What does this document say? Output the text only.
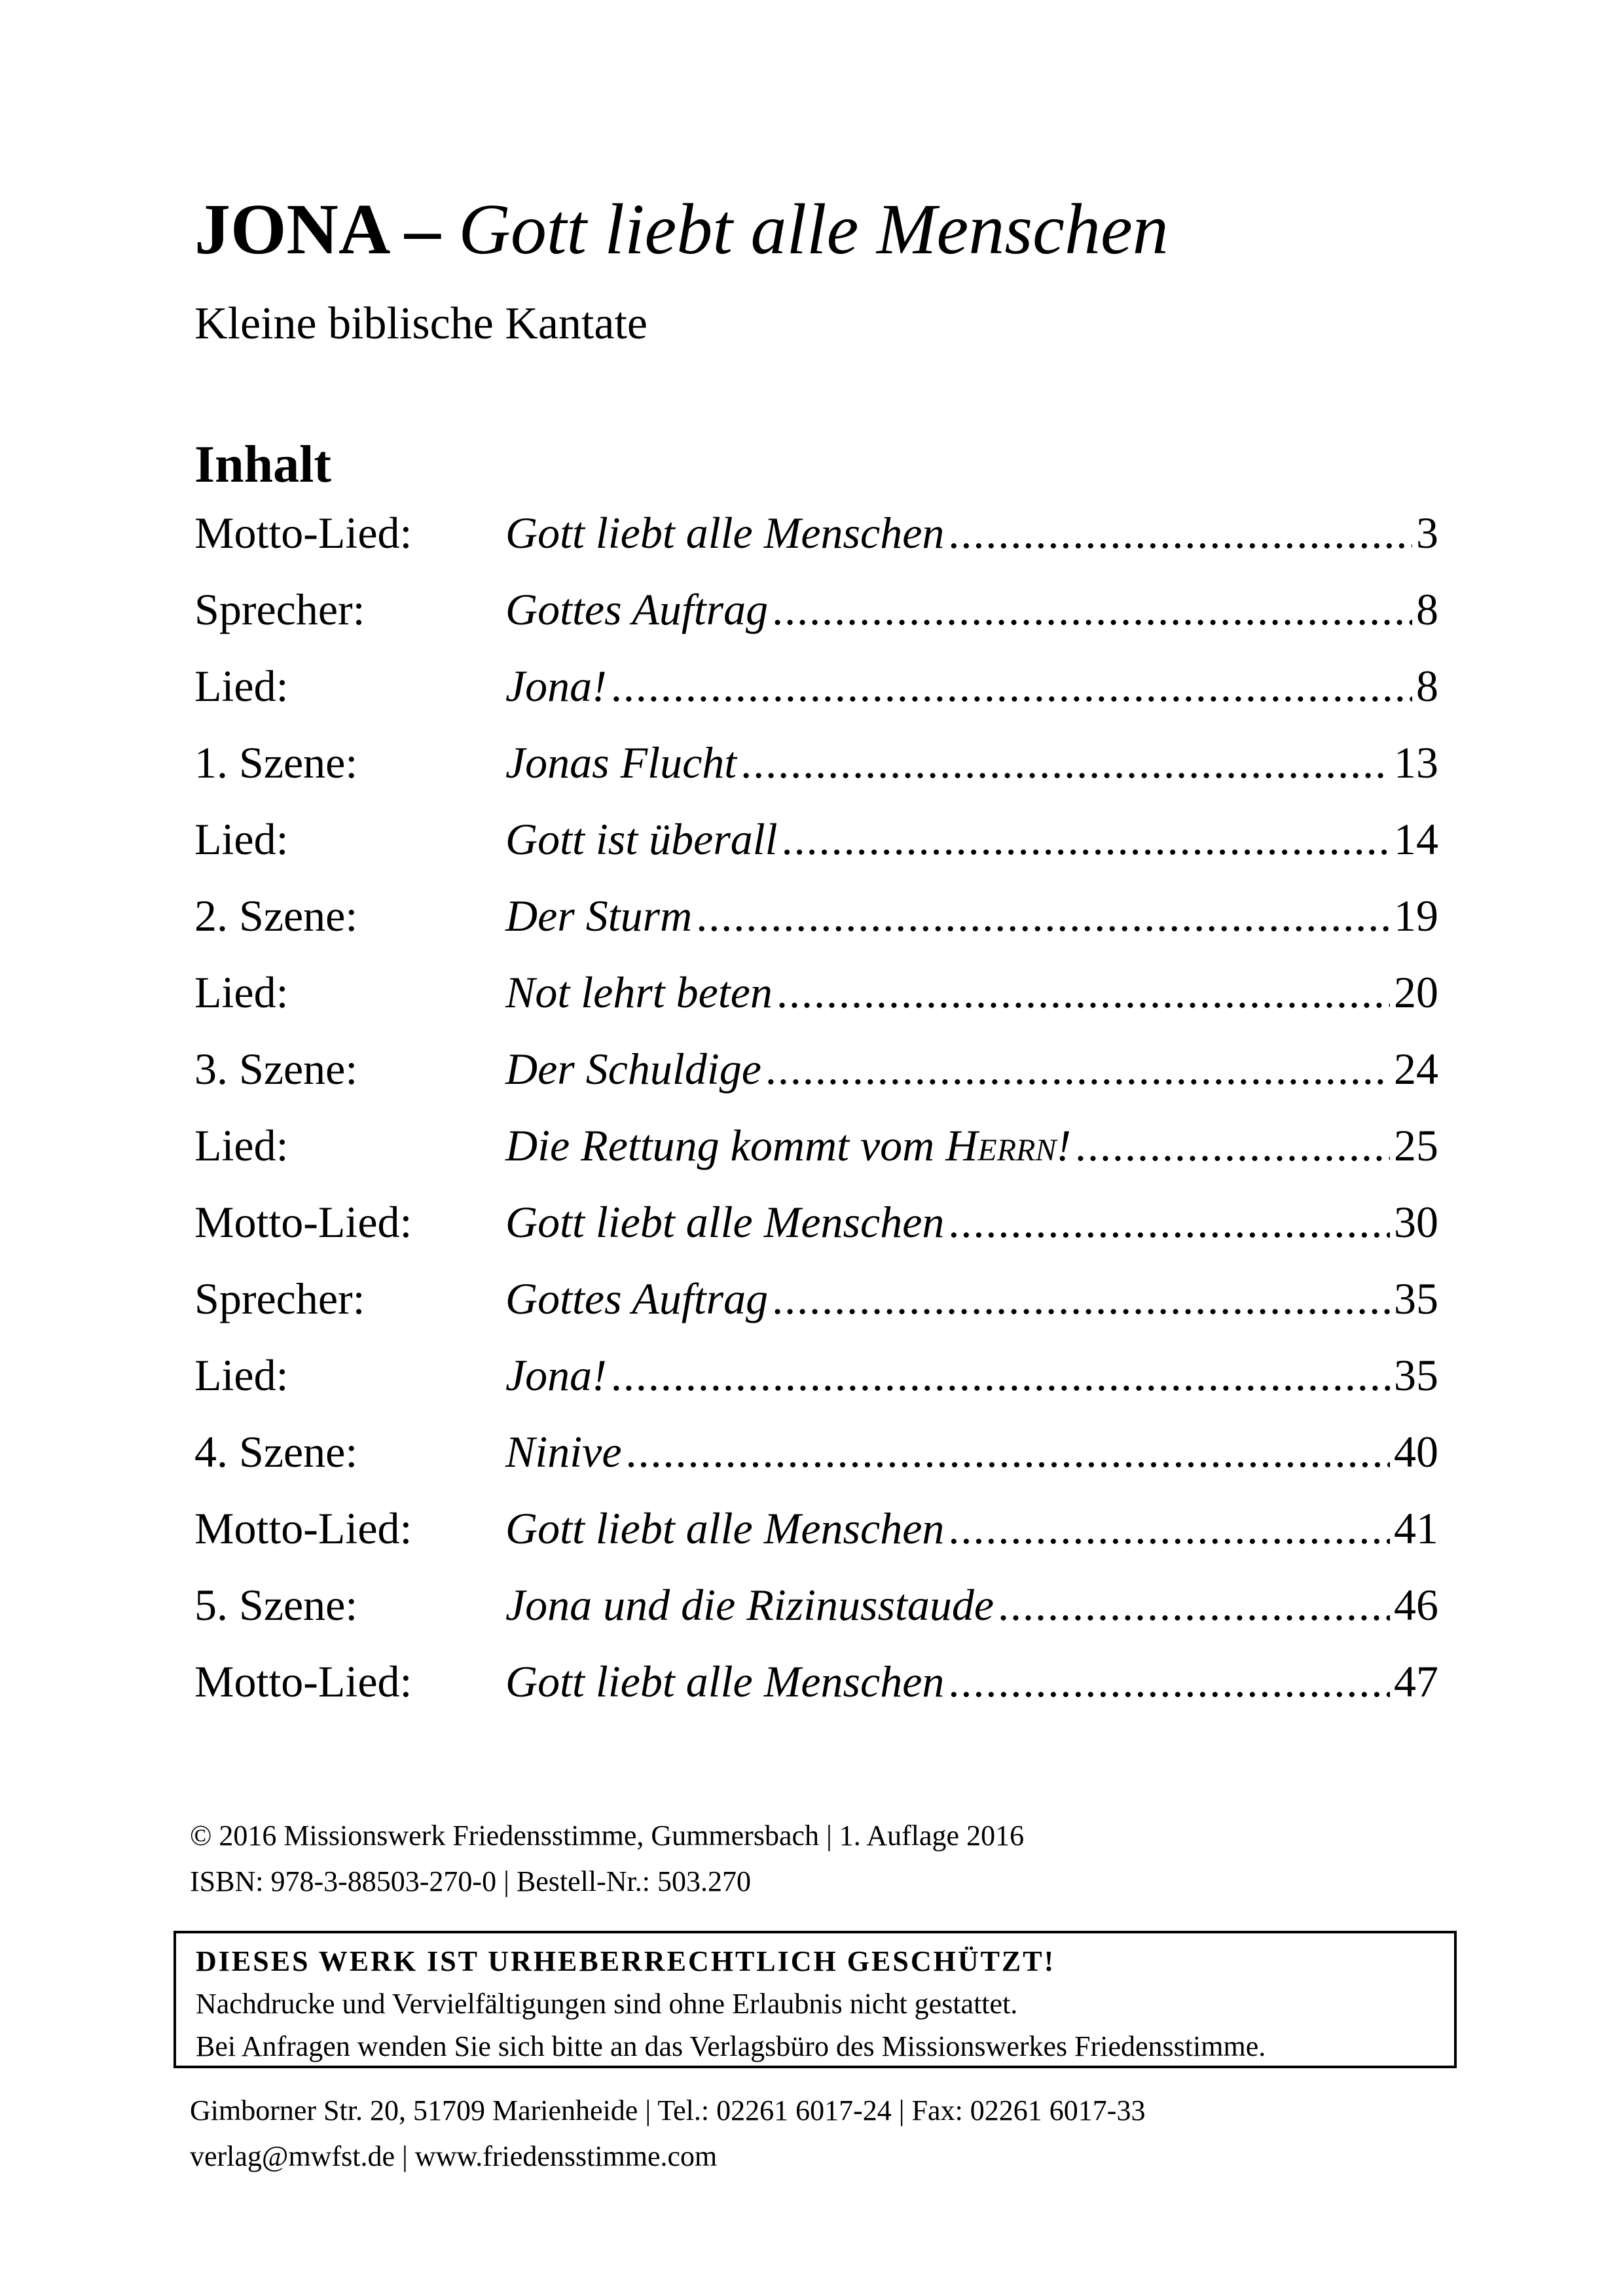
JONA – Gott liebt alle Menschen
Kleine biblische Kantate
Inhalt
Motto-Lied:	Gott liebt alle Menschen .....	3
Sprecher:	Gottes Auftrag .....	8
Lied:	Jona! .....	8
1. Szene:	Jonas Flucht .....	13
Lied:	Gott ist überall .....	14
2. Szene:	Der Sturm .....	19
Lied:	Not lehrt beten .....	20
3. Szene:	Der Schuldige .....	24
Lied:	Die Rettung kommt vom Herrn! .....	25
Motto-Lied:	Gott liebt alle Menschen .....	30
Sprecher:	Gottes Auftrag .....	35
Lied:	Jona! .....	35
4. Szene:	Ninive .....	40
Motto-Lied:	Gott liebt alle Menschen .....	41
5. Szene:	Jona und die Rizinusstaude .....	46
Motto-Lied:	Gott liebt alle Menschen .....	47
© 2016 Missionswerk Friedensstimme, Gummersbach | 1. Auflage 2016
ISBN: 978-3-88503-270-0 | Bestell-Nr.: 503.270
DIESES WERK IST URHEBERRECHTLICH GESCHÜTZT!
Nachdrucke und Vervielfältigungen sind ohne Erlaubnis nicht gestattet.
Bei Anfragen wenden Sie sich bitte an das Verlagsbüro des Missionswerkes Friedensstimme.
Gimborner Str. 20, 51709 Marienheide | Tel.: 02261 6017-24 | Fax: 02261 6017-33
verlag@mwfst.de | www.friedensstimme.com
